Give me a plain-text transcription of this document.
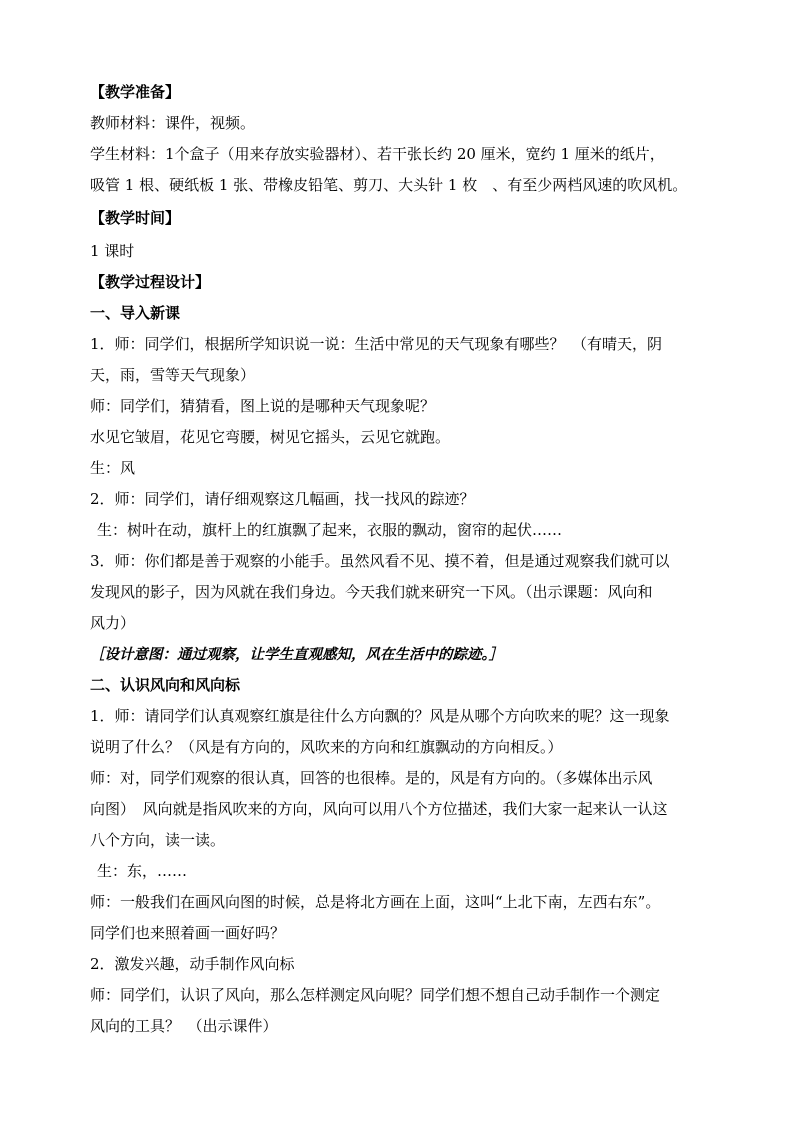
【教学准备】

教师材料：课件，视频。

学生材料：1个盒子（用来存放实验器材）、若干张长约 20 厘米，宽约 1 厘米的纸片，

吸管 1 根、硬纸板 1 张、带橡皮铅笔、剪刀、大头针 1 枚　、有至少两档风速的吹风机。

【教学时间】

1 课时

【教学过程设计】

一、导入新课

1．师：同学们，根据所学知识说一说：生活中常见的天气现象有哪些？　（有晴天，阴

天，雨，雪等天气现象）

师：同学们，猜猜看，图上说的是哪种天气现象呢？

水见它皱眉，花见它弯腰，树见它摇头，云见它就跑。

生：风

2．师：同学们，请仔细观察这几幅画，找一找风的踪迹？

生：树叶在动，旗杆上的红旗飘了起来，衣服的飘动，窗帘的起伏……

3．师：你们都是善于观察的小能手。虽然风看不见、摸不着，但是通过观察我们就可以

发现风的影子，因为风就在我们身边。今天我们就来研究一下风。（出示课题：风向和

风力）

［设计意图：通过观察，让学生直观感知，风在生活中的踪迹。］

二、认识风向和风向标

1．师：请同学们认真观察红旗是往什么方向飘的？风是从哪个方向吹来的呢？这一现象

说明了什么？（风是有方向的，风吹来的方向和红旗飘动的方向相反。）

师：对，同学们观察的很认真，回答的也很棒。是的，风是有方向的。（多媒体出示风

向图）　风向就是指风吹来的方向，风向可以用八个方位描述，我们大家一起来认一认这

八个方向，读一读。

生：东，……

师：一般我们在画风向图的时候，总是将北方画在上面，这叫“上北下南，左西右东”。

同学们也来照着画一画好吗？

2．激发兴趣，动手制作风向标

师：同学们，认识了风向，那么怎样测定风向呢？同学们想不想自己动手制作一个测定

风向的工具？　（出示课件）
